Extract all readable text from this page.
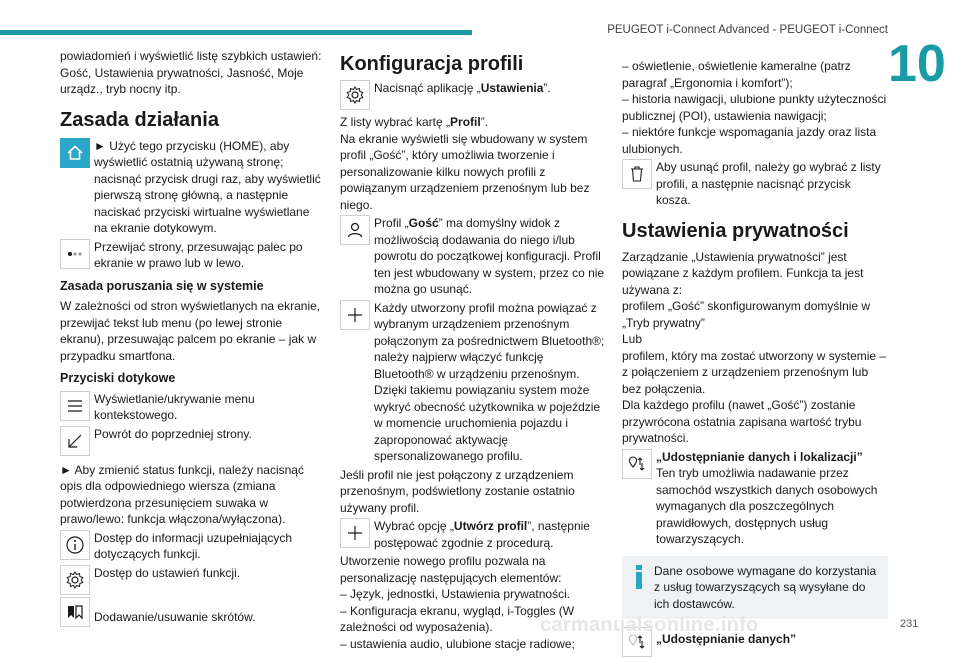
PEUGEOT i-Connect Advanced - PEUGEOT i-Connect
10
powiadomień i wyświetlić listę szybkich ustawień: Gość, Ustawienia prywatności, Jasność, Moje urządz., tryb nocny itp.
Zasada działania
► Użyć tego przycisku (HOME), aby wyświetlić ostatnią używaną stronę; nacisnąć przycisk drugi raz, aby wyświetlić pierwszą stronę główną, a następnie naciskać przyciski wirtualne wyświetlane na ekranie dotykowym.
Przewijać strony, przesuwając palec po ekranie w prawo lub w lewo.
Zasada poruszania się w systemie
W zależności od stron wyświetlanych na ekranie, przewijać tekst lub menu (po lewej stronie ekranu), przesuwając palcem po ekranie – jak w przypadku smartfona.
Przyciski dotykowe
Wyświetlanie/ukrywanie menu kontekstowego.
Powrót do poprzedniej strony.
► Aby zmienić status funkcji, należy nacisnąć opis dla odpowiedniego wiersza (zmiana potwierdzona przesunięciem suwaka w prawo/lewo: funkcja włączona/wyłączona).
Dostęp do informacji uzupełniających dotyczących funkcji.
Dostęp do ustawień funkcji.
Dodawanie/usuwanie skrótów.
Konfiguracja profili
Nacisnąć aplikację „Ustawienia”.
Z listy wybrać kartę „Profil”.
Na ekranie wyświetli się wbudowany w system profil „Gość”, który umożliwia tworzenie i personalizowanie kilku nowych profili z powiązanym urządzeniem przenośnym lub bez niego.
Profil „Gość” ma domyślny widok z możliwością dodawania do niego i/lub powrotu do początkowej konfiguracji. Profil ten jest wbudowany w system, przez co nie można go usunąć.
Każdy utworzony profil można powiązać z wybranym urządzeniem przenośnym połączonym za pośrednictwem Bluetooth®; należy najpierw włączyć funkcję Bluetooth® w urządzeniu przenośnym. Dzięki takiemu powiązaniu system może wykryć obecność użytkownika w pojeździe w momencie uruchomienia pojazdu i zaproponować aktywację spersonalizowanego profilu.
Jeśli profil nie jest połączony z urządzeniem przenośnym, podświetlony zostanie ostatnio używany profil.
Wybrać opcję „Utwórz profil”, następnie postępować zgodnie z procedurą.
Utworzenie nowego profilu pozwala na personalizację następujących elementów:
– Język, jednostki, Ustawienia prywatności.
– Konfiguracja ekranu, wygląd, i-Toggles (W zależności od wyposażenia).
– ustawienia audio, ulubione stacje radiowe;
– oświetlenie, oświetlenie kameralne (patrz paragraf „Ergonomia i komfort”);
– historia nawigacji, ulubione punkty użyteczności publicznej (POI), ustawienia nawigacji;
– niektóre funkcje wspomagania jazdy oraz lista ulubionych.
Aby usunąć profil, należy go wybrać z listy profili, a następnie nacisnąć przycisk kosza.
Ustawienia prywatności
Zarządzanie „Ustawienia prywatności” jest powiązane z każdym profilem. Funkcja ta jest używana z:
profilem „Gość” skonfigurowanym domyślnie w „Tryb prywatny”
Lub
profilem, który ma zostać utworzony w systemie – z połączeniem z urządzeniem przenośnym lub bez połączenia.
Dla każdego profilu (nawet „Gość”) zostanie przywrócona ostatnia zapisana wartość trybu prywatności.
„Udostępnianie danych i lokalizacji”
Ten tryb umożliwia nadawanie przez samochód wszystkich danych osobowych wymaganych dla poszczególnych prawidłowych, dostępnych usług towarzyszących.
Dane osobowe wymagane do korzystania z usług towarzyszących są wysyłane do ich dostawców.
„Udostępnianie danych”
carmanualsonline.info	231
